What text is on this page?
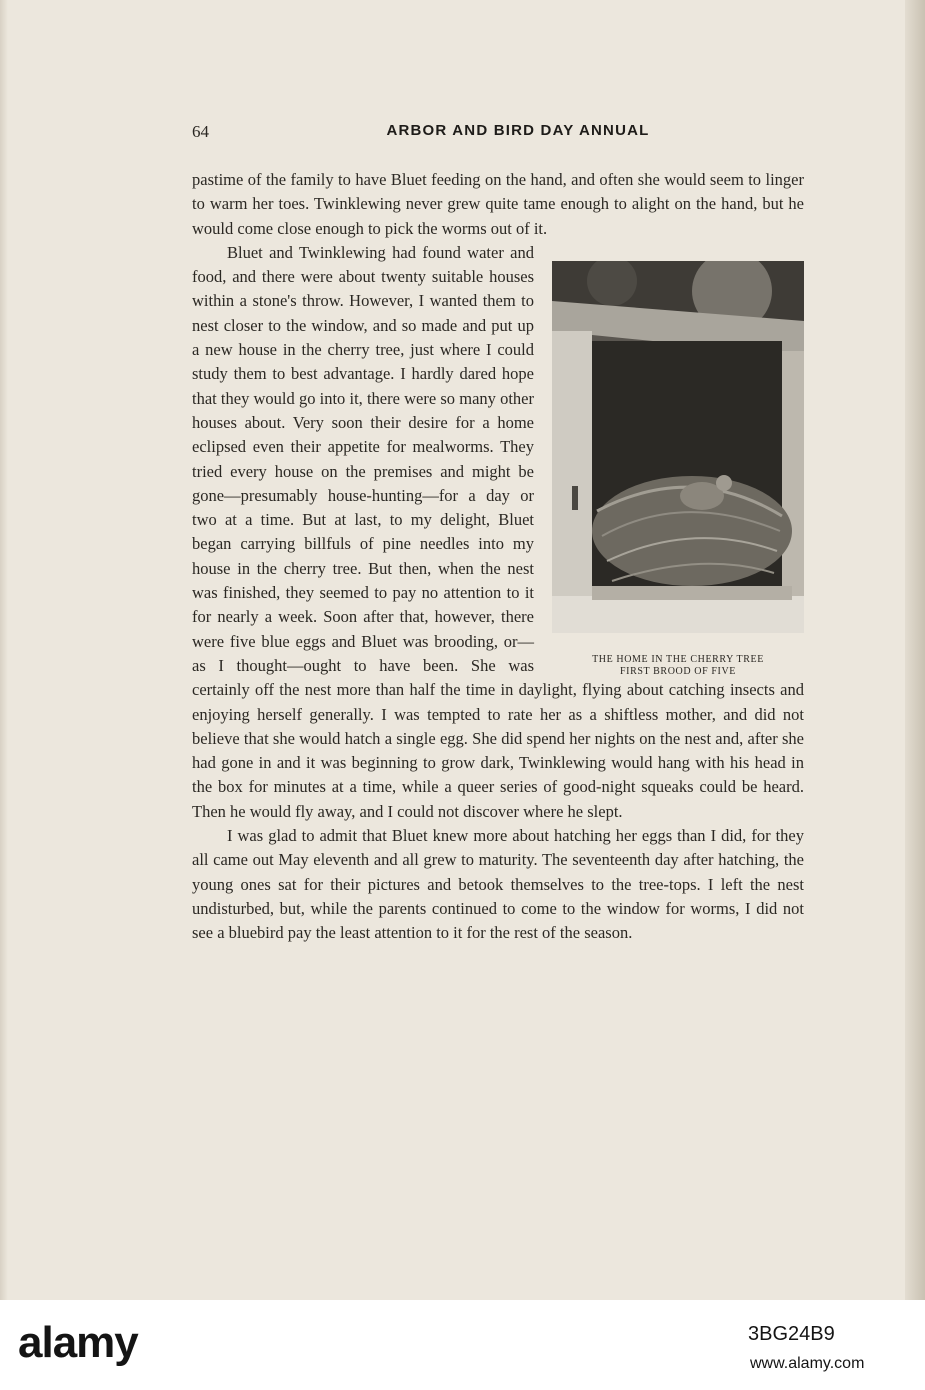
64	ARBOR AND BIRD DAY ANNUAL

pastime of the family to have Bluet feeding on the hand, and often she would seem to linger to warm her toes. Twinklewing never grew quite tame enough to alight on the hand, but he would come close enough to pick the worms out of it.

THE HOME IN THE CHERRY TREE
FIRST BROOD OF FIVE

Bluet and Twinklewing had found water and food, and there were about twenty suitable houses within a stone's throw. However, I wanted them to nest closer to the window, and so made and put up a new house in the cherry tree, just where I could study them to best advantage. I hardly dared hope that they would go into it, there were so many other houses about. Very soon their desire for a home eclipsed even their appetite for mealworms. They tried every house on the premises and might be gone—presumably house-hunting—for a day or two at a time. But at last, to my delight, Bluet began carrying billfuls of pine needles into my house in the cherry tree. But then, when the nest was finished, they seemed to pay no attention to it for nearly a week. Soon after that, however, there were five blue eggs and Bluet was brooding, or—as I thought—ought to have been. She was certainly off the nest more than half the time in daylight, flying about catching insects and enjoying herself generally. I was tempted to rate her as a shiftless mother, and did not believe that she would hatch a single egg. She did spend her nights on the nest and, after she had gone in and it was beginning to grow dark, Twinklewing would hang with his head in the box for minutes at a time, while a queer series of good-night squeaks could be heard. Then he would fly away, and I could not discover where he slept.

I was glad to admit that Bluet knew more about hatching her eggs than I did, for they all came out May eleventh and all grew to maturity. The seventeenth day after hatching, the young ones sat for their pictures and betook themselves to the tree-tops. I left the nest undisturbed, but, while the parents continued to come to the window for worms, I did not see a bluebird pay the least attention to it for the rest of the season.

alamy	3BG24B9
www.alamy.com
